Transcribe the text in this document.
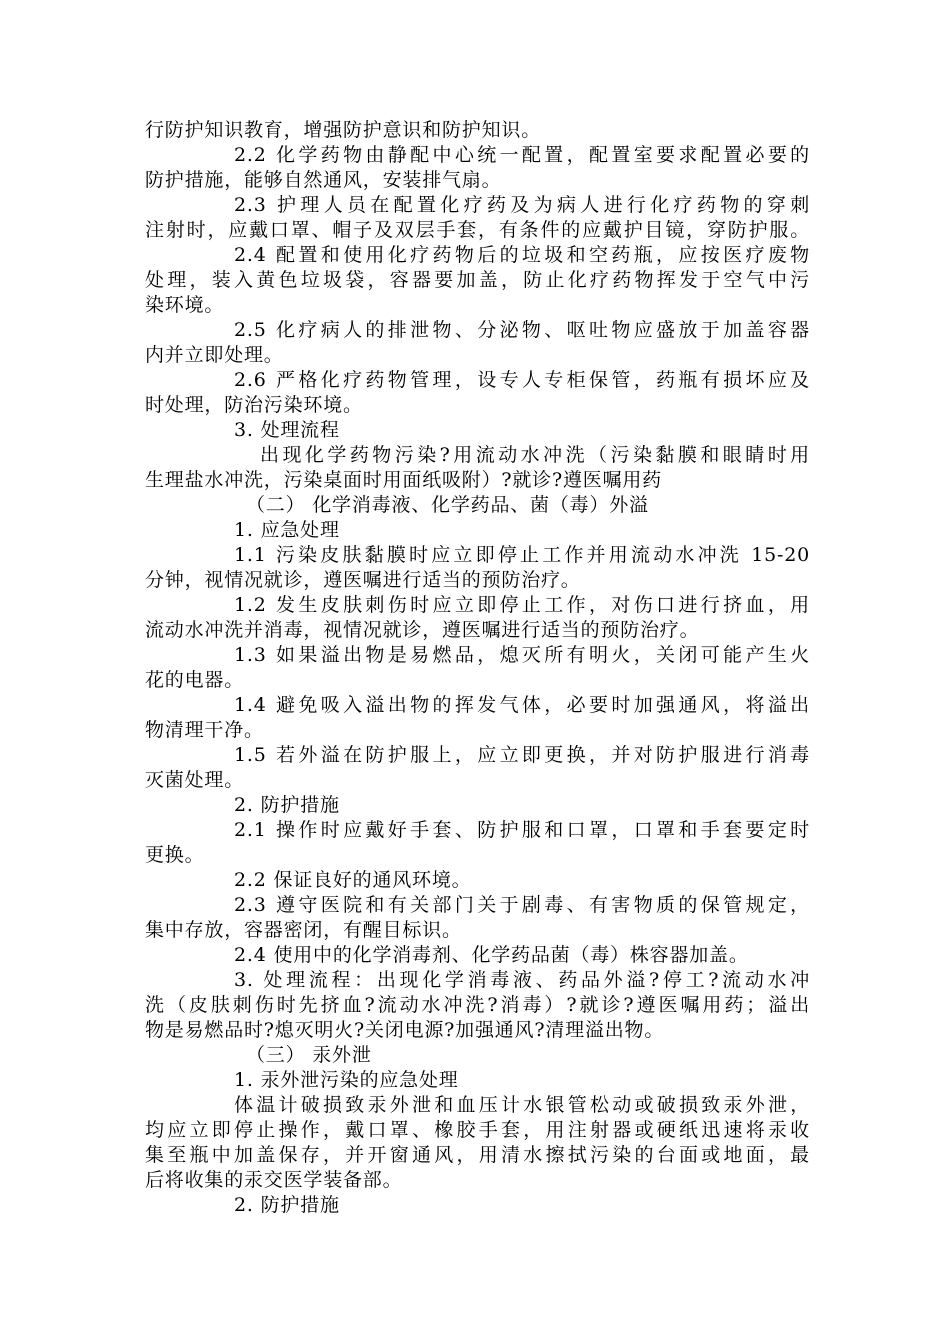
行防护知识教育，增强防护意识和防护知识。
2.2 化学药物由静配中心统一配置，配置室要求配置必要的
防护措施，能够自然通风，安装排气扇。
2.3 护理人员在配置化疗药及为病人进行化疗药物的穿刺
注射时，应戴口罩、帽子及双层手套，有条件的应戴护目镜，穿防护服。
2.4 配置和使用化疗药物后的垃圾和空药瓶，应按医疗废物
处理，装入黄色垃圾袋，容器要加盖，防止化疗药物挥发于空气中污
染环境。
2.5 化疗病人的排泄物、分泌物、呕吐物应盛放于加盖容器
内并立即处理。
2.6 严格化疗药物管理，设专人专柜保管，药瓶有损坏应及
时处理，防治污染环境。
3. 处理流程
出现化学药物污染?用流动水冲洗（污染黏膜和眼睛时用
生理盐水冲洗，污染桌面时用面纸吸附）?就诊?遵医嘱用药
（二） 化学消毒液、化学药品、菌（毒）外溢
1. 应急处理
1.1 污染皮肤黏膜时应立即停止工作并用流动水冲洗 15-20
分钟，视情况就诊，遵医嘱进行适当的预防治疗。
1.2 发生皮肤刺伤时应立即停止工作，对伤口进行挤血，用
流动水冲洗并消毒，视情况就诊，遵医嘱进行适当的预防治疗。
1.3 如果溢出物是易燃品，熄灭所有明火，关闭可能产生火
花的电器。
1.4 避免吸入溢出物的挥发气体，必要时加强通风，将溢出
物清理干净。
1.5 若外溢在防护服上，应立即更换，并对防护服进行消毒
灭菌处理。
2. 防护措施
2.1 操作时应戴好手套、防护服和口罩，口罩和手套要定时
更换。
2.2 保证良好的通风环境。
2.3 遵守医院和有关部门关于剧毒、有害物质的保管规定，
集中存放，容器密闭，有醒目标识。
2.4 使用中的化学消毒剂、化学药品菌（毒）株容器加盖。
3. 处理流程：出现化学消毒液、药品外溢?停工?流动水冲
洗（皮肤刺伤时先挤血?流动水冲洗?消毒）?就诊?遵医嘱用药；溢出
物是易燃品时?熄灭明火?关闭电源?加强通风?清理溢出物。
（三） 汞外泄
1. 汞外泄污染的应急处理
体温计破损致汞外泄和血压计水银管松动或破损致汞外泄，
均应立即停止操作，戴口罩、橡胶手套，用注射器或硬纸迅速将汞收
集至瓶中加盖保存，并开窗通风，用清水擦拭污染的台面或地面，最
后将收集的汞交医学装备部。
2. 防护措施
